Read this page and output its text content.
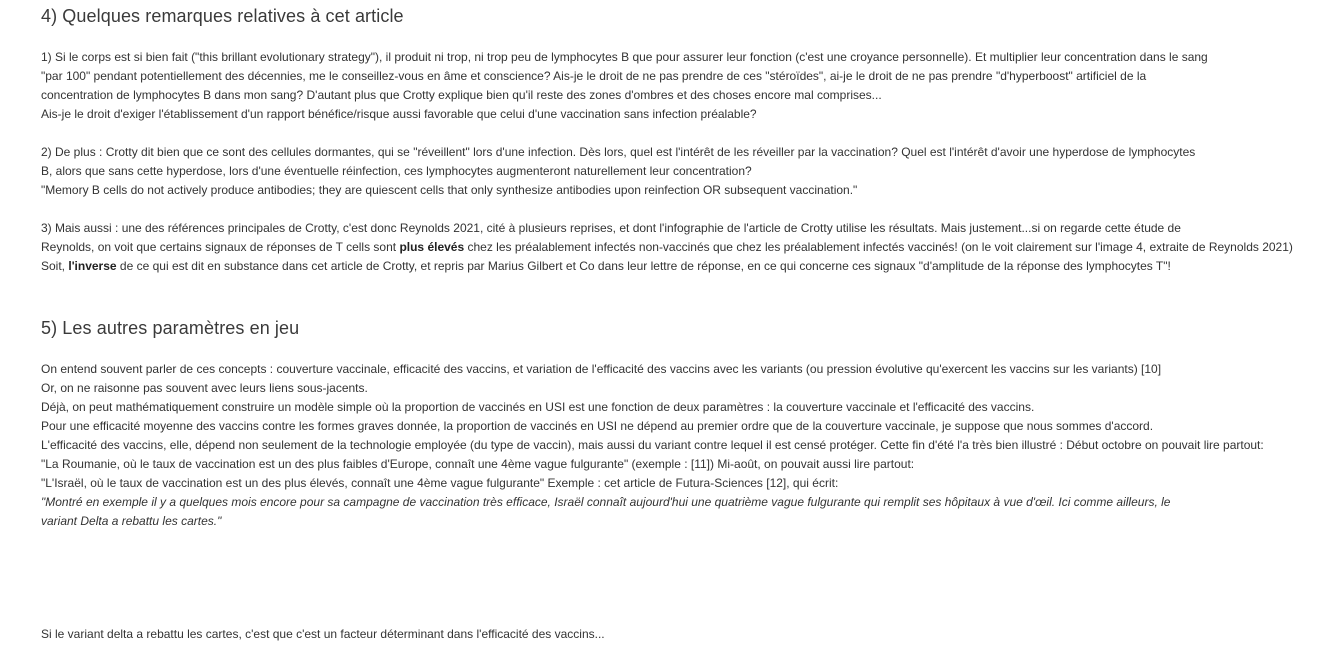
4) Quelques remarques relatives à cet article

1) Si le corps est si bien fait ("this brillant evolutionary strategy"), il produit ni trop, ni trop peu de lymphocytes B que pour assurer leur fonction (c'est une croyance personnelle). Et multiplier leur concentration dans le sang "par 100" pendant potentiellement des décennies, me le conseillez-vous en âme et conscience? Ais-je le droit de ne pas prendre de ces "stéroïdes", ai-je le droit de ne pas prendre "d'hyperboost" artificiel de la concentration de lymphocytes B dans mon sang? D'autant plus que Crotty explique bien qu'il reste des zones d'ombres et des choses encore mal comprises... Ais-je le droit d'exiger l'établissement d'un rapport bénéfice/risque aussi favorable que celui d'une vaccination sans infection préalable?

2) De plus : Crotty dit bien que ce sont des cellules dormantes, qui se "réveillent" lors d'une infection. Dès lors, quel est l'intérêt de les réveiller par la vaccination? Quel est l'intérêt d'avoir une hyperdose de lymphocytes B, alors que sans cette hyperdose, lors d'une éventuelle réinfection, ces lymphocytes augmenteront naturellement leur concentration? "Memory B cells do not actively produce antibodies; they are quiescent cells that only synthesize antibodies upon reinfection OR subsequent vaccination."

3) Mais aussi : une des références principales de Crotty, c'est donc Reynolds 2021, cité à plusieurs reprises, et dont l'infographie de l'article de Crotty utilise les résultats. Mais justement...si on regarde cette étude de Reynolds, on voit que certains signaux de réponses de T cells sont plus élevés chez les préalablement infectés non-vaccinés que chez les préalablement infectés vaccinés! (on le voit clairement sur l'image 4, extraite de Reynolds 2021) Soit, l'inverse de ce qui est dit en substance dans cet article de Crotty, et repris par Marius Gilbert et Co dans leur lettre de réponse, en ce qui concerne ces signaux "d'amplitude de la réponse des lymphocytes T"!

5) Les autres paramètres en jeu

On entend souvent parler de ces concepts : couverture vaccinale, efficacité des vaccins, et variation de l'efficacité des vaccins avec les variants (ou pression évolutive qu'exercent les vaccins sur les variants) [10] Or, on ne raisonne pas souvent avec leurs liens sous-jacents. Déjà, on peut mathématiquement construire un modèle simple où la proportion de vaccinés en USI est une fonction de deux paramètres : la couverture vaccinale et l'efficacité des vaccins. Pour une efficacité moyenne des vaccins contre les formes graves donnée, la proportion de vaccinés en USI ne dépend au premier ordre que de la couverture vaccinale, je suppose que nous sommes d'accord. L'efficacité des vaccins, elle, dépend non seulement de la technologie employée (du type de vaccin), mais aussi du variant contre lequel il est censé protéger. Cette fin d'été l'a très bien illustré : Début octobre on pouvait lire partout: "La Roumanie, où le taux de vaccination est un des plus faibles d'Europe, connaît une 4ème vague fulgurante" (exemple : [11]) Mi-août, on pouvait aussi lire partout: "L'Israël, où le taux de vaccination est un des plus élevés, connaît une 4ème vague fulgurante" Exemple : cet article de Futura-Sciences [12], qui écrit:
"Montré en exemple il y a quelques mois encore pour sa campagne de vaccination très efficace, Israël connaît aujourd'hui une quatrième vague fulgurante qui remplit ses hôpitaux à vue d'œil. Ici comme ailleurs, le
variant Delta a rebattu les cartes."

Si le variant delta a rebattu les cartes, c'est que c'est un facteur déterminant dans l'efficacité des vaccins...
